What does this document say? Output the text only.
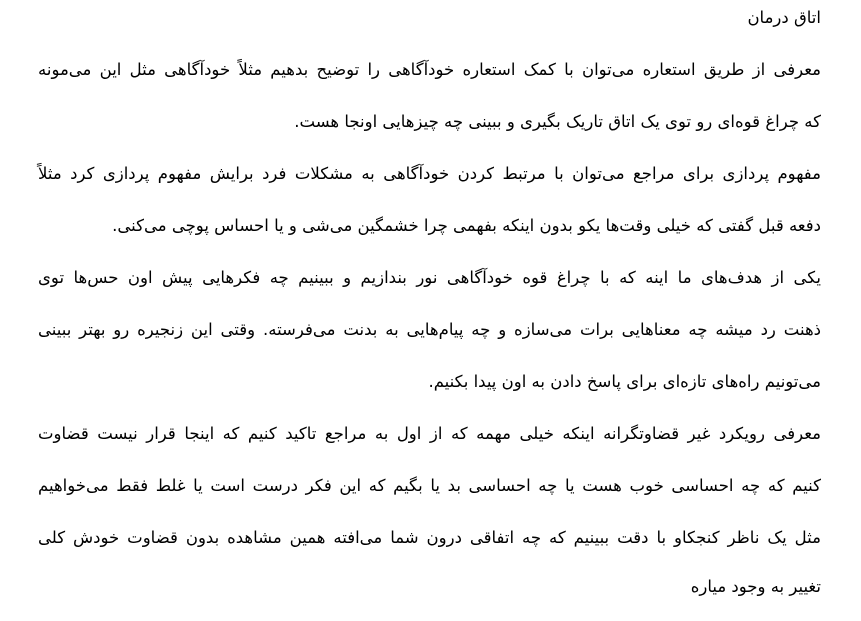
اتاق درمان
معرفی از طریق استعاره می‌توان با کمک استعاره خودآگاهی را توضیح بدهیم مثلاً خودآگاهی مثل این می‌مونه
که چراغ قوه‌ای رو توی یک اتاق تاریک بگیری و ببینی چه چیزهایی اونجا هست.
مفهوم پردازی برای مراجع می‌توان با مرتبط کردن خودآگاهی به مشکلات فرد برایش مفهوم پردازی کرد مثلاً
دفعه قبل گفتی که خیلی وقت‌ها یکو بدون اینکه بفهمی چرا خشمگین می‌شی و یا احساس پوچی می‌کنی.
یکی از هدف‌های ما اینه که با چراغ قوه خودآگاهی نور بندازیم و ببینیم چه فکرهایی پیش اون حس‌ها توی
ذهنت رد میشه چه معناهایی برات می‌سازه و چه پیام‌هایی به بدنت می‌فرسته. وقتی این زنجیره رو بهتر ببینی
می‌تونیم راه‌های تازه‌ای برای پاسخ دادن به اون پیدا بکنیم.
معرفی رویکرد غیر قضاوتگرانه اینکه خیلی مهمه که از اول به مراجع تاکید کنیم که اینجا قرار نیست قضاوت
کنیم که چه احساسی خوب هست یا چه احساسی بد یا بگیم که این فکر درست است یا غلط فقط می‌خواهیم
مثل یک ناظر کنجکاو با دقت ببینیم که چه اتفاقی درون شما می‌افته همین مشاهده بدون قضاوت خودش کلی
تغییر به وجود میاره
